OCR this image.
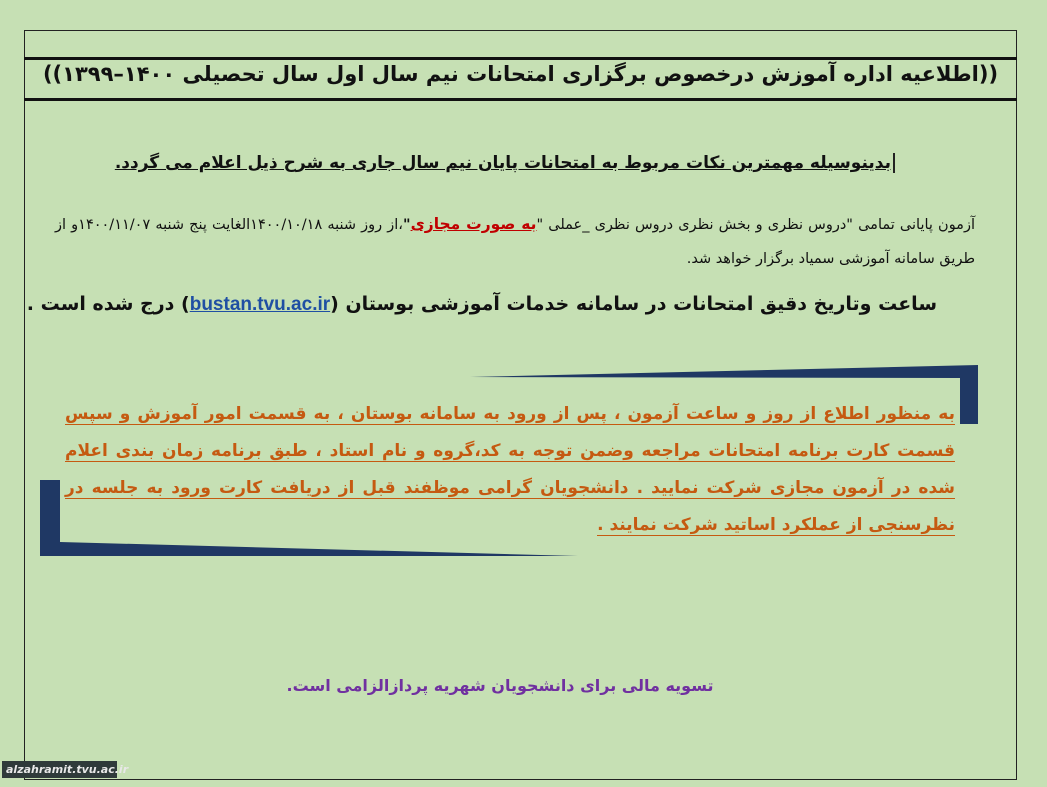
((اطلاعیه اداره آموزش درخصوص برگزاری امتحانات نیم سال اول سال تحصیلی ۱۴۰۰–۱۳۹۹))
بدینوسیله مهمترین نکات مربوط به امتحانات پایان نیم سال جاری به شرح ذیل اعلام می گردد.
آزمون پایانی تمامی "دروس نظری و بخش نظری دروس نظری _عملی "به صورت مجازی"،از روز شنبه ۱۴۰۰/۱۰/۱۸الغایت پنج شنبه ۱۴۰۰/۱۱/۰۷و از طریق سامانه آموزشی سمیاد برگزار خواهد شد.
ساعت وتاریخ دقیق امتحانات در سامانه خدمات آموزشی بوستان (bustan.tvu.ac.ir) درج شده است .
به منظور اطلاع از روز و ساعت آزمون ، پس از ورود به سامانه بوستان ، به قسمت امور آموزش و سپس قسمت کارت برنامه امتحانات مراجعه وضمن توجه به کد،گروه و نام استاد ، طبق برنامه زمان بندی اعلام شده در آزمون مجازی شرکت نمایید . دانشجویان گرامی موظفند قبل از دریافت کارت ورود به جلسه در نظرسنجی از عملکرد اساتید شرکت نمایند .
تسویه مالی برای دانشجویان شهریه پردازالزامی است.
alzahramit.tvu.ac.ir
